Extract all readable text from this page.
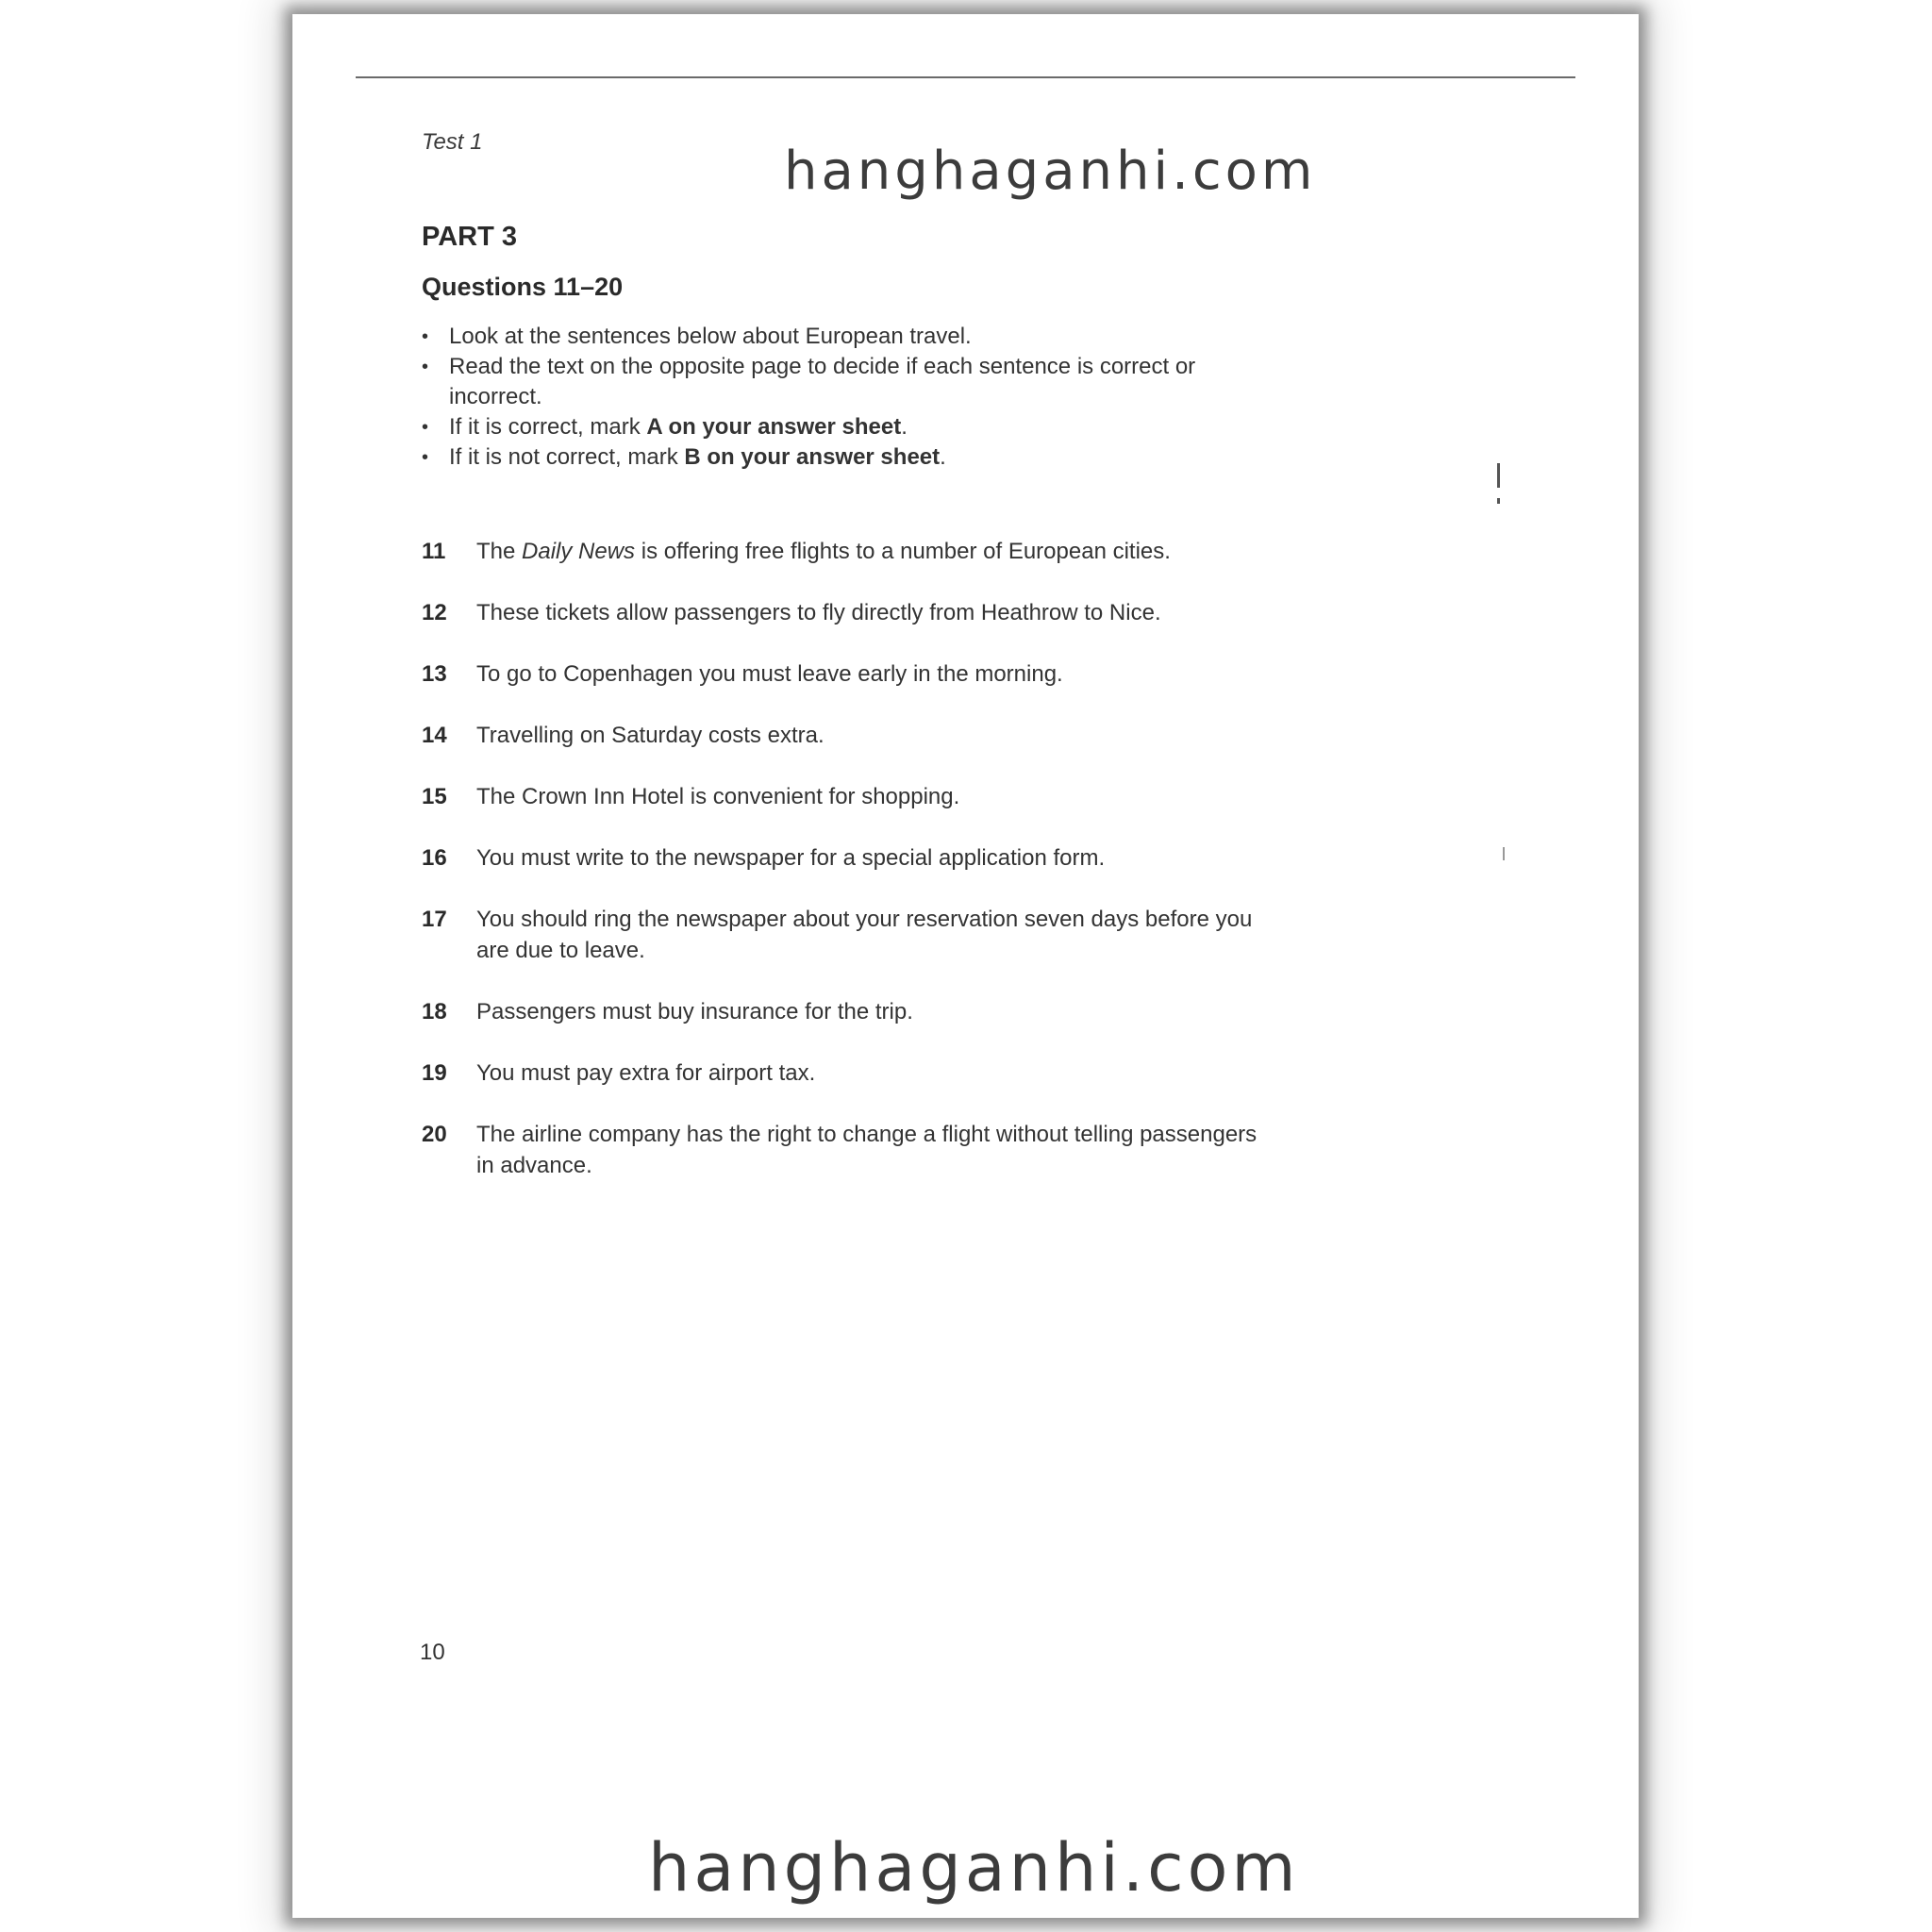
Test 1	hanghaganhi.com
PART 3
Questions 11–20
• Look at the sentences below about European travel.
• Read the text on the opposite page to decide if each sentence is correct or incorrect.
• If it is correct, mark A on your answer sheet.
• If it is not correct, mark B on your answer sheet.
11	The Daily News is offering free flights to a number of European cities.
12	These tickets allow passengers to fly directly from Heathrow to Nice.
13	To go to Copenhagen you must leave early in the morning.
14	Travelling on Saturday costs extra.
15	The Crown Inn Hotel is convenient for shopping.
16	You must write to the newspaper for a special application form.
17	You should ring the newspaper about your reservation seven days before you are due to leave.
18	Passengers must buy insurance for the trip.
19	You must pay extra for airport tax.
20	The airline company has the right to change a flight without telling passengers in advance.
10
hanghaganhi.com
